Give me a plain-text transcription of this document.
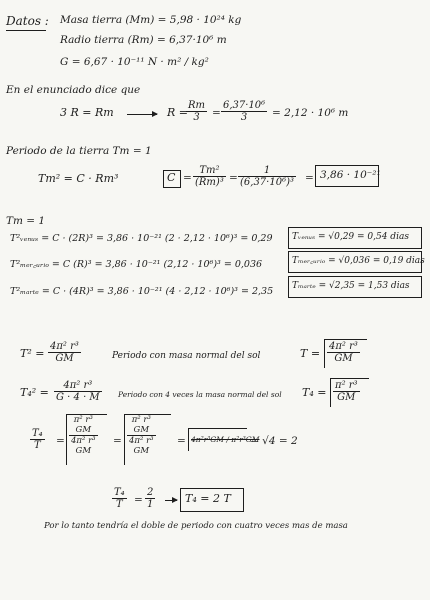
Datos : Masa tierra (Mт) = 5,98 · 10²⁴ kg
Radio tierra (Rт) = 6,37·10⁶ m
G = 6,67 · 10⁻¹¹ N · m² / kg²
En el enunciado dice que
3 R = Rт	R =
Rт
3	= $\frac{\text{6,37·10⁶}}{3} = 2,12 \cdot 10^6$ m
Periodo de la tierra Tт = 1
Tт² = C · Rт³	C =
Tт²
$(Rт)^3 = \frac{1}{\text{(6,37·10⁶)³}} = 3,86 \cdot 10^{-21}$
Tт = 1
T²ᵥₑₙᵤₛ = C · (2R)³ = 3,86 · 10⁻²¹ (2 · 2,12 · 10⁶)³ = 0,29
T²ₘₑᵣ꜀ᵤᵣᵢₒ = C (R)³ = 3,86 · 10⁻²¹ (2,12 · 10⁶)³ = 0,036
T²ₘₐᵣₜₑ = C · (4R)³ = 3,86 · 10⁻²¹ (4 · 2,12 · 10⁶)³ = 2,35
Tᵥₑₙᵤₛ = √0,29 = 0,54 dias
Tₘₑᵣ꜀ᵤᵣᵢₒ = √0,036 = 0,19 dias
Tₘₐᵣₜₑ = √2,35 = 1,53 dias
$T^2 = \frac{\text{4π² r³}}{GM}$	Periodo con masa normal del sol	$T = \frac{\text{4π² r³}}{GM}$
$T_4^2 = \frac{\text{4π² r³}}{G \cdot 4 \cdot M}$ Periodo con 4 veces la masa normal del sol $T_4 = \frac{\text{π² r³}}{GM}$
$\frac{\text{T₄}}{T}$ =
π² r³
GM
4π² r³
GM
=
π² r³
GM
4π² r³
GM
= 4π²r³GM / π²r³GM
= √4 = 2
$\frac{\text{T₄}}{T} = \frac{2}{1}$	T₄ = 2 T
Por lo tanto tendría el doble de periodo con cuatro veces mas de masa
